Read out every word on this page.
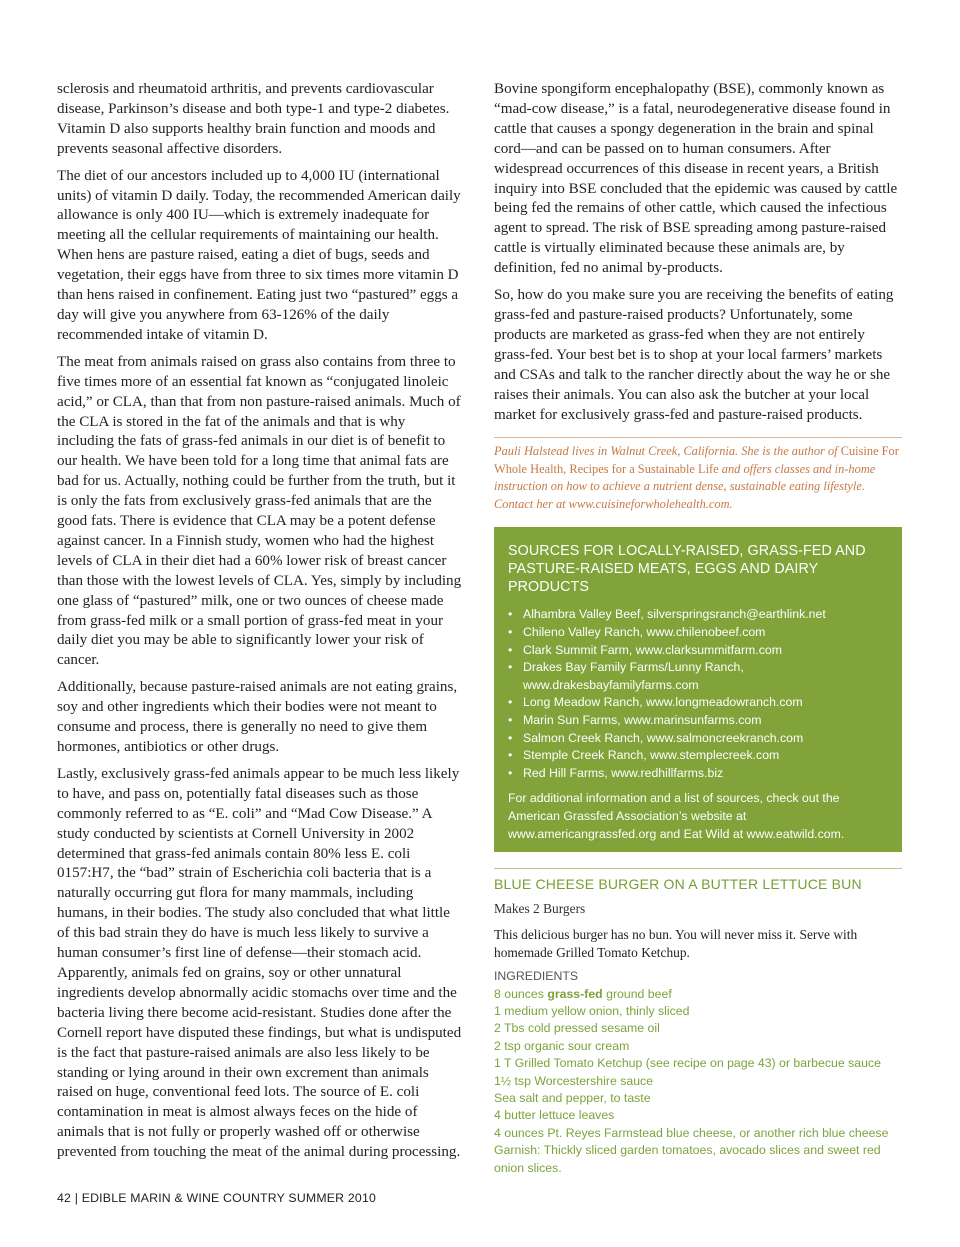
sclerosis and rheumatoid arthritis, and prevents cardiovascular disease, Parkinson’s disease and both type-1 and type-2 diabetes. Vitamin D also supports healthy brain function and moods and prevents seasonal affective disorders.

The diet of our ancestors included up to 4,000 IU (international units) of vitamin D daily. Today, the recommended American daily allowance is only 400 IU—which is extremely inadequate for meeting all the cellular requirements of maintaining our health. When hens are pasture raised, eating a diet of bugs, seeds and vegetation, their eggs have from three to six times more vitamin D than hens raised in confinement. Eating just two “pastured” eggs a day will give you anywhere from 63-126% of the daily recommended intake of vitamin D.

The meat from animals raised on grass also contains from three to five times more of an essential fat known as “conjugated linoleic acid,” or CLA, than that from non pasture-raised animals. Much of the CLA is stored in the fat of the animals and that is why including the fats of grass-fed animals in our diet is of benefit to our health. We have been told for a long time that animal fats are bad for us. Actually, nothing could be further from the truth, but it is only the fats from exclusively grass-fed animals that are the good fats. There is evidence that CLA may be a potent defense against cancer. In a Finnish study, women who had the highest levels of CLA in their diet had a 60% lower risk of breast cancer than those with the lowest levels of CLA. Yes, simply by including one glass of “pastured” milk, one or two ounces of cheese made from grass-fed milk or a small portion of grass-fed meat in your daily diet you may be able to significantly lower your risk of cancer.

Additionally, because pasture-raised animals are not eating grains, soy and other ingredients which their bodies were not meant to consume and process, there is generally no need to give them hormones, antibiotics or other drugs.

Lastly, exclusively grass-fed animals appear to be much less likely to have, and pass on, potentially fatal diseases such as those commonly referred to as “E. coli” and “Mad Cow Disease.” A study conducted by scientists at Cornell University in 2002 determined that grass-fed animals contain 80% less E. coli 0157:H7, the “bad” strain of Escherichia coli bacteria that is a naturally occurring gut flora for many mammals, including humans, in their bodies. The study also concluded that what little of this bad strain they do have is much less likely to survive a human consumer’s first line of defense—their stomach acid. Apparently, animals fed on grains, soy or other unnatural ingredients develop abnormally acidic stomachs over time and the bacteria living there become acid-resistant. Studies done after the Cornell report have disputed these findings, but what is undisputed is the fact that pasture-raised animals are also less likely to be standing or lying around in their own excrement than animals raised on huge, conventional feed lots. The source of E. coli contamination in meat is almost always feces on the hide of animals that is not fully or properly washed off or otherwise prevented from touching the meat of the animal during processing.

Bovine spongiform encephalopathy (BSE), commonly known as “mad-cow disease,” is a fatal, neurodegenerative disease found in cattle that causes a spongy degeneration in the brain and spinal cord—and can be passed on to human consumers. After widespread occurrences of this disease in recent years, a British inquiry into BSE concluded that the epidemic was caused by cattle being fed the remains of other cattle, which caused the infectious agent to spread. The risk of BSE spreading among pasture-raised cattle is virtually eliminated because these animals are, by definition, fed no animal by-products.

So, how do you make sure you are receiving the benefits of eating grass-fed and pasture-raised products? Unfortunately, some products are marketed as grass-fed when they are not entirely grass-fed. Your best bet is to shop at your local farmers’ markets and CSAs and talk to the rancher directly about the way he or she raises their animals. You can also ask the butcher at your local market for exclusively grass-fed and pasture-raised products.

Pauli Halstead lives in Walnut Creek, California. She is the author of Cuisine For Whole Health, Recipes for a Sustainable Life and offers classes and in-home instruction on how to achieve a nutrient dense, sustainable eating lifestyle. Contact her at www.cuisineforwholehealth.com.
SOURCES FOR LOCALLY-RAISED, GRASS-FED AND PASTURE-RAISED MEATS, EGGS AND DAIRY PRODUCTS
• Alhambra Valley Beef, silverspringsranch@earthlink.net
• Chileno Valley Ranch, www.chilenobeef.com
• Clark Summit Farm, www.clarksummitfarm.com
• Drakes Bay Family Farms/Lunny Ranch, www.drakesbayfamilyfarms.com
• Long Meadow Ranch, www.longmeadowranch.com
• Marin Sun Farms, www.marinsunfarms.com
• Salmon Creek Ranch, www.salmoncreekranch.com
• Stemple Creek Ranch, www.stemplecreek.com
• Red Hill Farms, www.redhillfarms.biz

For additional information and a list of sources, check out the American Grassfed Association’s website at www.americangrassfed.org and Eat Wild at www.eatwild.com.

BLUE CHEESE BURGER ON A BUTTER LETTUCE BUN
Makes 2 Burgers
This delicious burger has no bun. You will never miss it. Serve with homemade Grilled Tomato Ketchup.
INGREDIENTS
8 ounces grass-fed ground beef
1 medium yellow onion, thinly sliced
2 Tbs cold pressed sesame oil
2 tsp organic sour cream
1 T Grilled Tomato Ketchup (see recipe on page 43) or barbecue sauce
1½ tsp Worcestershire sauce
Sea salt and pepper, to taste
4 butter lettuce leaves
4 ounces Pt. Reyes Farmstead blue cheese, or another rich blue cheese
Garnish: Thickly sliced garden tomatoes, avocado slices and sweet red onion slices.
42 | EDIBLE MARIN & WINE COUNTRY SUMMER 2010
